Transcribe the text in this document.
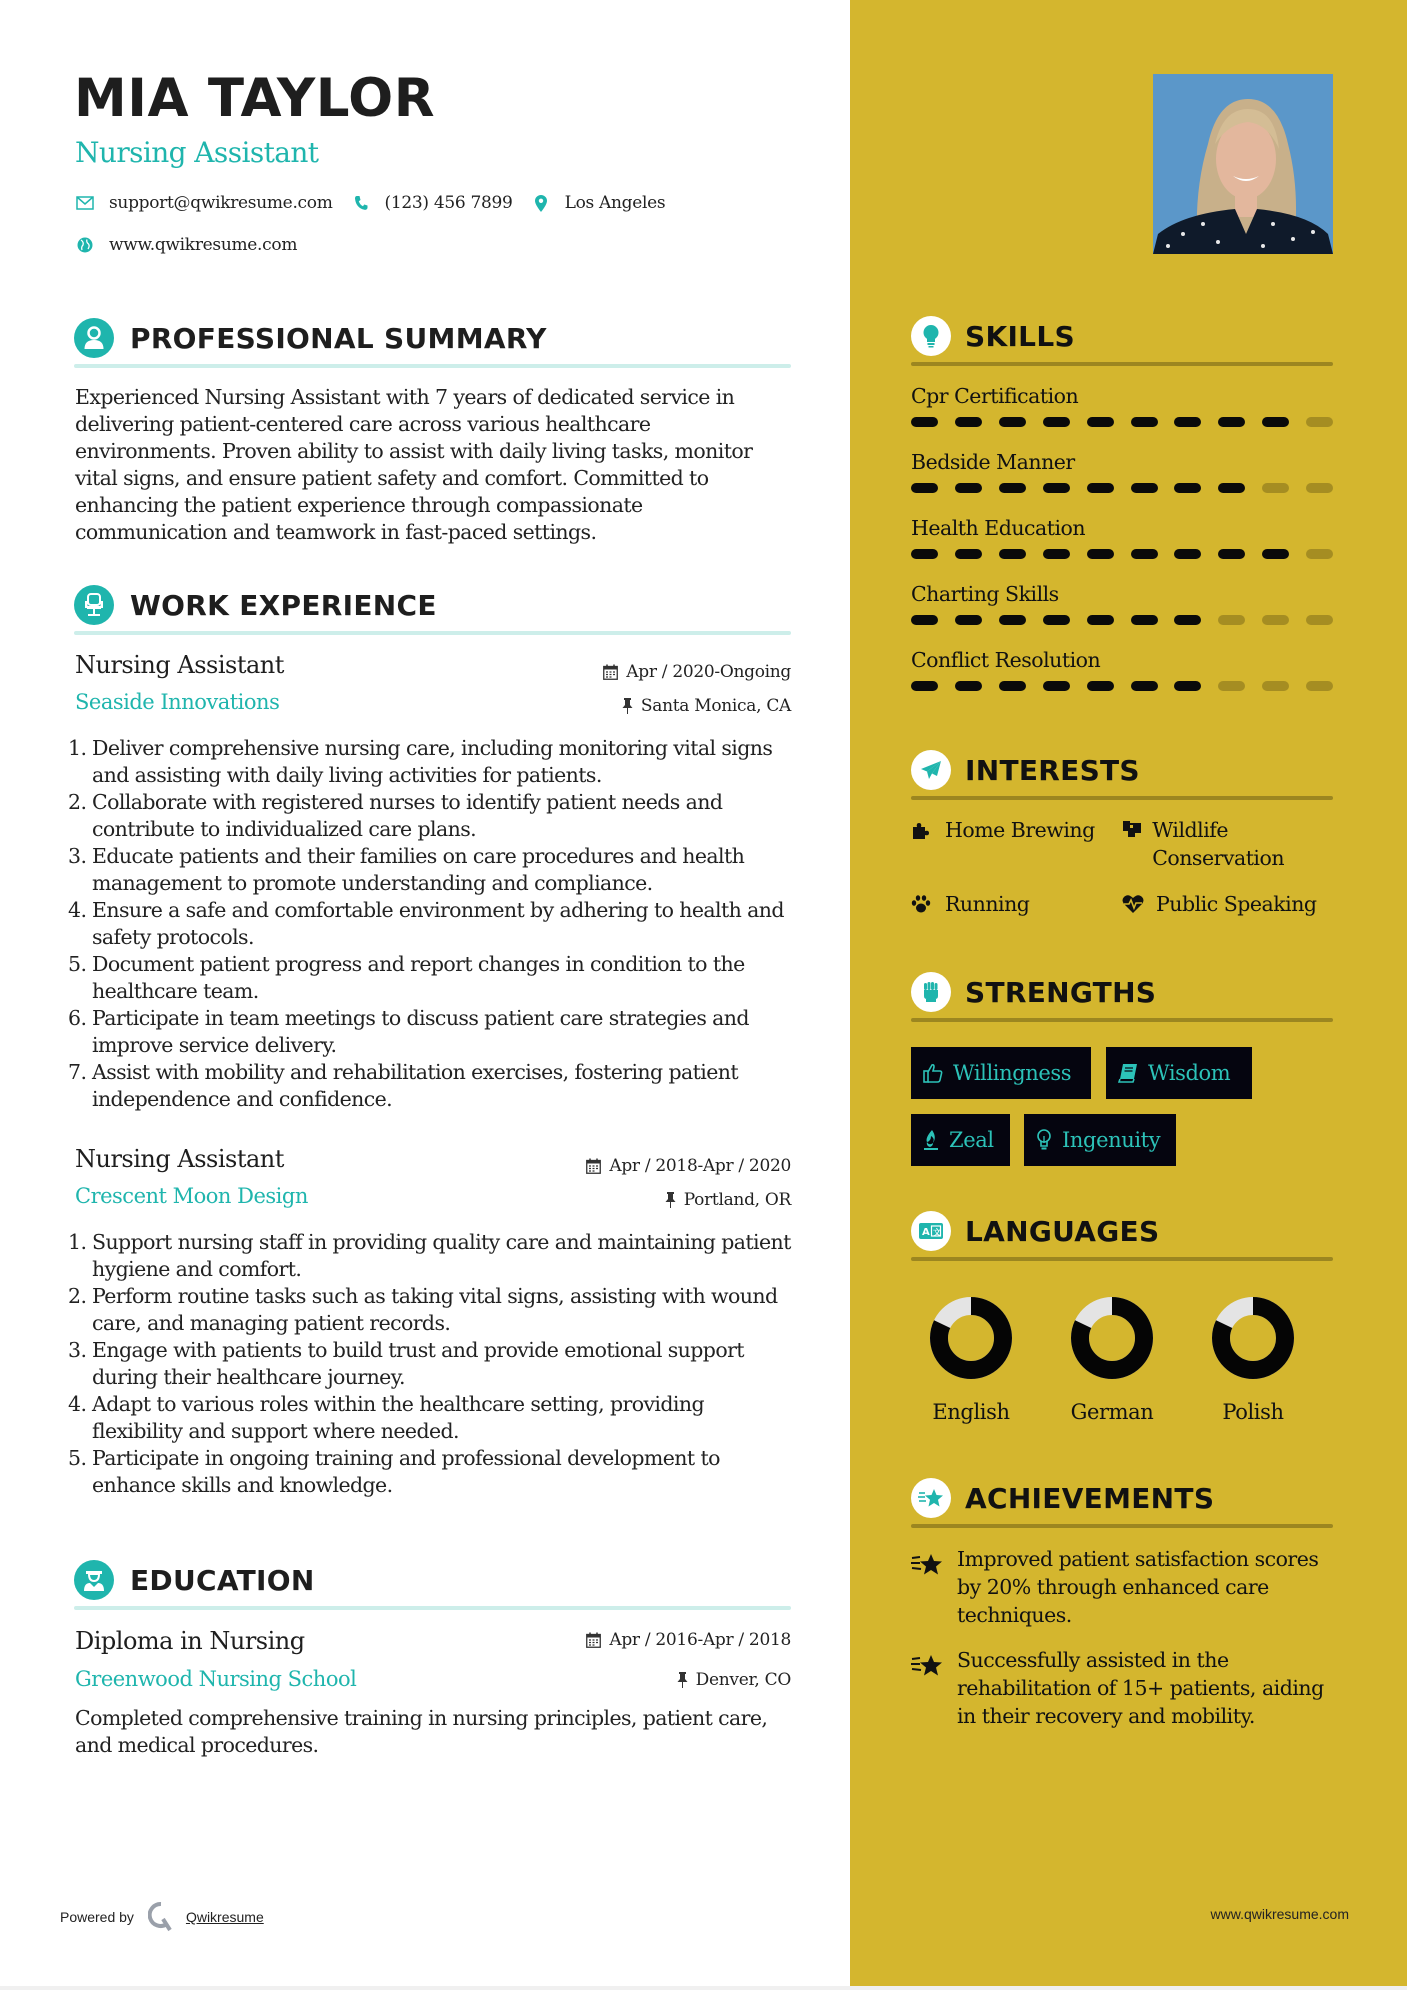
MIA TAYLOR
Nursing Assistant
support@qwikresume.com	(123) 456 7899	Los Angeles
www.qwikresume.com
PROFESSIONAL SUMMARY

Experienced Nursing Assistant with 7 years of dedicated service in delivering patient-centered care across various healthcare environments. Proven ability to assist with daily living tasks, monitor vital signs, and ensure patient safety and comfort. Committed to enhancing the patient experience through compassionate communication and teamwork in fast-paced settings.

WORK EXPERIENCE
Nursing Assistant
Seaside Innovations
Apr / 2020-Ongoing
Santa Monica, CA
1. Deliver comprehensive nursing care, including monitoring vital signs and assisting with daily living activities for patients.
2. Collaborate with registered nurses to identify patient needs and contribute to individualized care plans.
3. Educate patients and their families on care procedures and health management to promote understanding and compliance.
4. Ensure a safe and comfortable environment by adhering to health and safety protocols.
5. Document patient progress and report changes in condition to the healthcare team.
6. Participate in team meetings to discuss patient care strategies and improve service delivery.
7. Assist with mobility and rehabilitation exercises, fostering patient independence and confidence.
Nursing Assistant
Crescent Moon Design
Apr / 2018-Apr / 2020
Portland, OR
1. Support nursing staff in providing quality care and maintaining patient hygiene and comfort.
2. Perform routine tasks such as taking vital signs, assisting with wound care, and managing patient records.
3. Engage with patients to build trust and provide emotional support during their healthcare journey.
4. Adapt to various roles within the healthcare setting, providing flexibility and support where needed.
5. Participate in ongoing training and professional development to enhance skills and knowledge.
EDUCATION
Diploma in Nursing
Greenwood Nursing School
Apr / 2016-Apr / 2018
Denver, CO

Completed comprehensive training in nursing principles, patient care, and medical procedures.

Powered by	Qwikresume
SKILLS
Cpr Certification
Bedside Manner
Health Education
Charting Skills
Conflict Resolution
INTERESTS
Home Brewing	Wildlife Conservation
Running	Public Speaking
STRENGTHS
Willingness	Wisdom
Zeal	Ingenuity
A 文 LANGUAGES
English	German	Polish
ACHIEVEMENTS
Improved patient satisfaction scores by 20% through enhanced care techniques.
Successfully assisted in the rehabilitation of 15+ patients, aiding in their recovery and mobility.
www.qwikresume.com
